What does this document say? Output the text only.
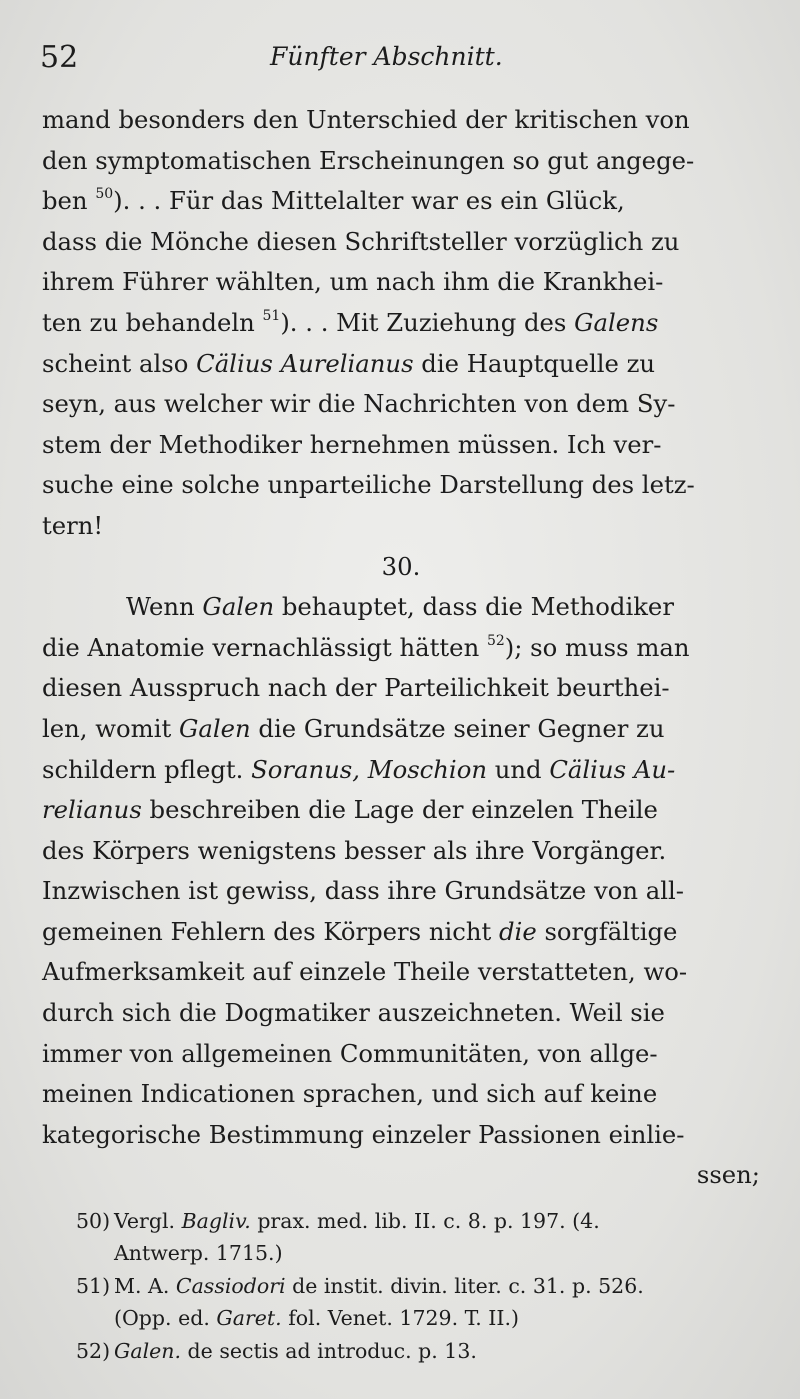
52	Fünfter Abschnitt.
mand besonders den Unterschied der kritischen von
den symptomatischen Erscheinungen so gut angege-
ben $^{50}$). . . Für das Mittelalter war es ein Glück,
dass die Mönche diesen Schriftsteller vorzüglich zu
ihrem Führer wählten, um nach ihm die Krankhei-
ten zu behandeln $^{51}$). . . Mit Zuziehung des Galens
scheint also Cälius Aurelianus die Hauptquelle zu
seyn, aus welcher wir die Nachrichten von dem Sy-
stem der Methodiker hernehmen müssen. Ich ver-
suche eine solche unparteiliche Darstellung des letz-
tern!
30.
Wenn Galen behauptet, dass die Methodiker
die Anatomie vernachlässigt hätten $^{52}$); so muss man
diesen Ausspruch nach der Parteilichkeit beurthei-
len, womit Galen die Grundsätze seiner Gegner zu
schildern pflegt. Soranus, Moschion und Cälius Au-
relianus beschreiben die Lage der einzelen Theile
des Körpers wenigstens besser als ihre Vorgänger.
Inzwischen ist gewiss, dass ihre Grundsätze von all-
gemeinen Fehlern des Körpers nicht die sorgfältige
Aufmerksamkeit auf einzele Theile verstatteten, wo-
durch sich die Dogmatiker auszeichneten. Weil sie
immer von allgemeinen Communitäten, von allge-
meinen Indicationen sprachen, und sich auf keine
kategorische Bestimmung einzeler Passionen einlie-
ssen;
50) Vergl. Bagliv. prax. med. lib. II. c. 8. p. 197. (4.
Antwerp. 1715.)
51) M. A. Cassiodori de instit. divin. liter. c. 31. p. 526.
(Opp. ed. Garet. fol. Venet. 1729. T. II.)
52) Galen. de sectis ad introduc. p. 13.
